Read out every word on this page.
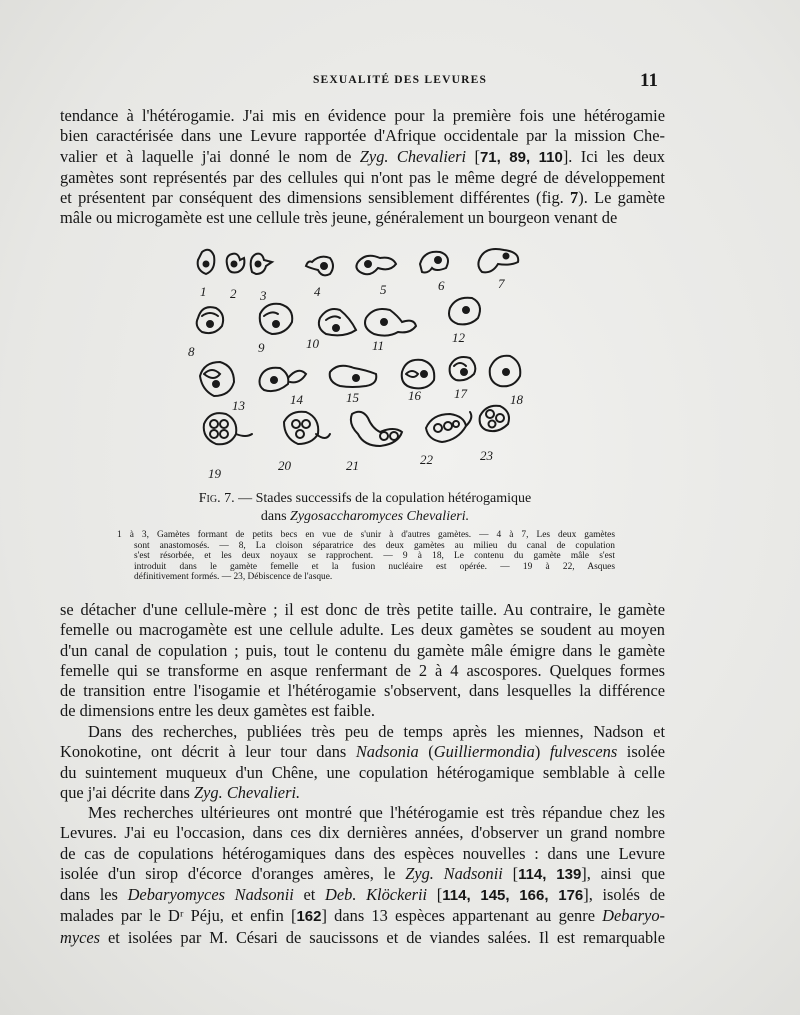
SEXUALITÉ DES LEVURES	11
tendance à l'hétérogamie. J'ai mis en évidence pour la première fois une hétérogamie
bien caractérisée dans une Levure rapportée d'Afrique occidentale par la mission Che-
valier et à laquelle j'ai donné le nom de Zyg. Chevalieri [71, 89, 110]. Ici les deux
gamètes sont représentés par des cellules qui n'ont pas le même degré de développement
et présentent par conséquent des dimensions sensiblement différentes (fig. 7). Le gamète
mâle ou microgamète est une cellule très jeune, généralement un bourgeon venant de
1 2 3	4	5	6	7
8	9	10	11
12
13	14	15	16	17	18
19
20	21	22	23
Fig. 7. — Stades successifs de la copulation hétérogamique
dans Zygosaccharomyces Chevalieri.
1 à 3, Gamètes formant de petits becs en vue de s'unir à d'autres gamètes. — 4 à 7, Les deux gamètes
sont anastomosés. — 8, La cloison séparatrice des deux gamètes au milieu du canal de copulation
s'est résorbée, et les deux noyaux se rapprochent. — 9 à 18, Le contenu du gamète mâle s'est
introduit dans le gamète femelle et la fusion nucléaire est opérée. — 19 à 22, Asques
définitivement formés. — 23, Débiscence de l'asque.
se détacher d'une cellule-mère ; il est donc de très petite taille. Au contraire, le gamète
femelle ou macrogamète est une cellule adulte. Les deux gamètes se soudent au moyen
d'un canal de copulation ; puis, tout le contenu du gamète mâle émigre dans le gamète
femelle qui se transforme en asque renfermant de 2 à 4 ascospores. Quelques formes
de transition entre l'isogamie et l'hétérogamie s'observent, dans lesquelles la différence
de dimensions entre les deux gamètes est faible.
Dans des recherches, publiées très peu de temps après les miennes, Nadson et
Konokotine, ont décrit à leur tour dans Nadsonia (Guilliermondia) fulvescens isolée
du suintement muqueux d'un Chêne, une copulation hétérogamique semblable à celle
que j'ai décrite dans Zyg. Chevalieri.
Mes recherches ultérieures ont montré que l'hétérogamie est très répandue chez les
Levures. J'ai eu l'occasion, dans ces dix dernières années, d'observer un grand nombre
de cas de copulations hétérogamiques dans des espèces nouvelles : dans une Levure
isolée d'un sirop d'écorce d'oranges amères, le Zyg. Nadsonii [114, 139], ainsi que
dans les Debaryomyces Nadsonii et Deb. Klöckerii [114, 145, 166, 176], isolés de
malades par le Dʳ Péju, et enfin [162] dans 13 espèces appartenant au genre Debaryo-
myces et isolées par M. Césari de saucissons et de viandes salées. Il est remarquable
